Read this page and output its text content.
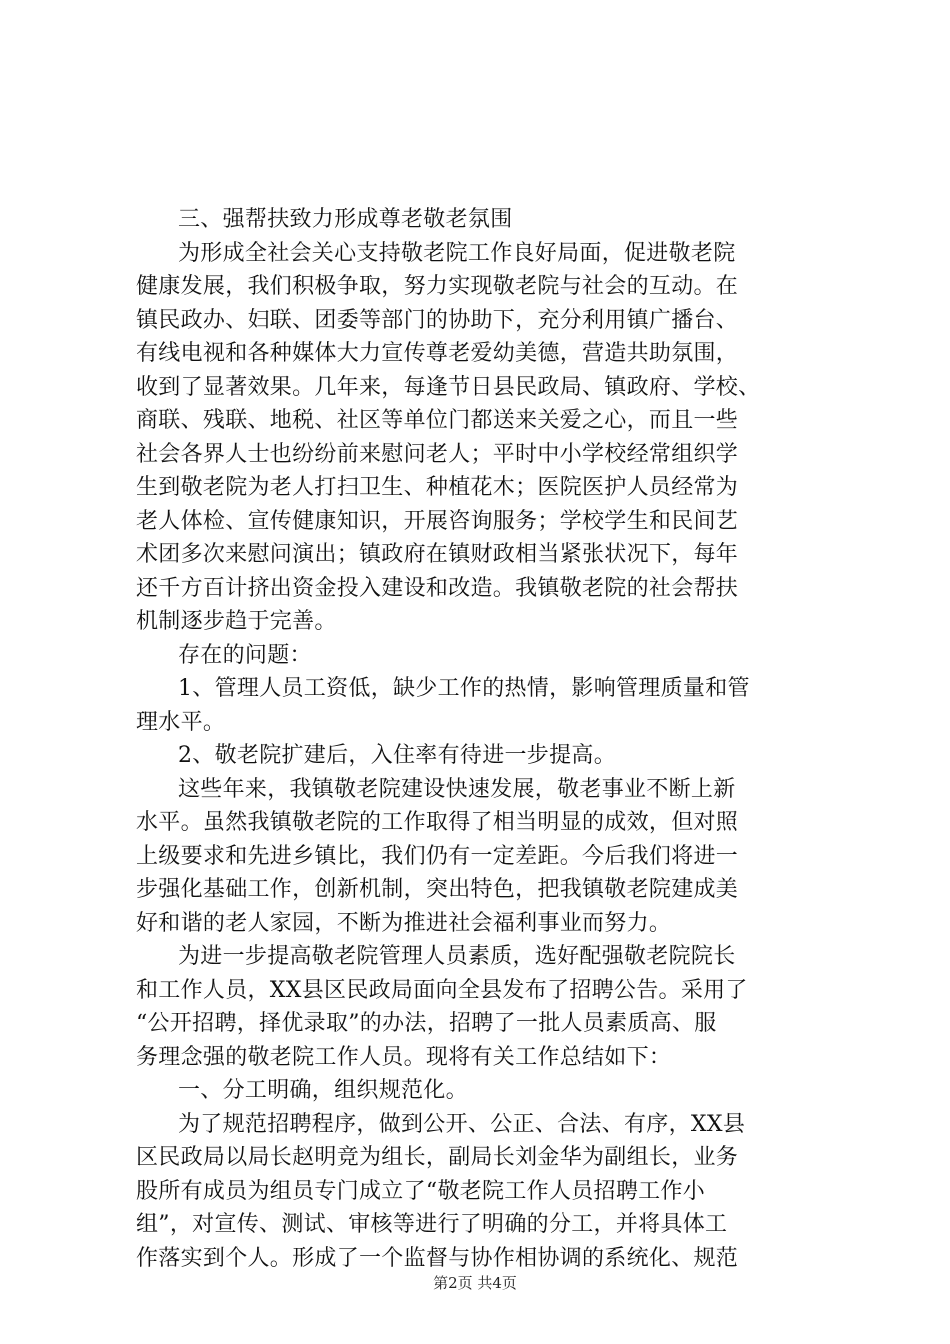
三、强帮扶致力形成尊老敬老氛围
为形成全社会关心支持敬老院工作良好局面，促进敬老院
健康发展，我们积极争取，努力实现敬老院与社会的互动。在
镇民政办、妇联、团委等部门的协助下，充分利用镇广播台、
有线电视和各种媒体大力宣传尊老爱幼美德，营造共助氛围，
收到了显著效果。几年来，每逢节日县民政局、镇政府、学校、
商联、残联、地税、社区等单位门都送来关爱之心，而且一些
社会各界人士也纷纷前来慰问老人；平时中小学校经常组织学
生到敬老院为老人打扫卫生、种植花木；医院医护人员经常为
老人体检、宣传健康知识，开展咨询服务；学校学生和民间艺
术团多次来慰问演出；镇政府在镇财政相当紧张状况下，每年
还千方百计挤出资金投入建设和改造。我镇敬老院的社会帮扶
机制逐步趋于完善。
存在的问题：
1、管理人员工资低，缺少工作的热情，影响管理质量和管
理水平。
2、敬老院扩建后，入住率有待进一步提高。
这些年来，我镇敬老院建设快速发展，敬老事业不断上新
水平。虽然我镇敬老院的工作取得了相当明显的成效，但对照
上级要求和先进乡镇比，我们仍有一定差距。今后我们将进一
步强化基础工作，创新机制，突出特色，把我镇敬老院建成美
好和谐的老人家园，不断为推进社会福利事业而努力。
为进一步提高敬老院管理人员素质，选好配强敬老院院长
和工作人员，XX县区民政局面向全县发布了招聘公告。采用了
“公开招聘，择优录取”的办法，招聘了一批人员素质高、服
务理念强的敬老院工作人员。现将有关工作总结如下：
一、分工明确，组织规范化。
为了规范招聘程序，做到公开、公正、合法、有序，XX县
区民政局以局长赵明竞为组长，副局长刘金华为副组长，业务
股所有成员为组员专门成立了“敬老院工作人员招聘工作小
组”，对宣传、测试、审核等进行了明确的分工，并将具体工
作落实到个人。形成了一个监督与协作相协调的系统化、规范
第2页 共4页
